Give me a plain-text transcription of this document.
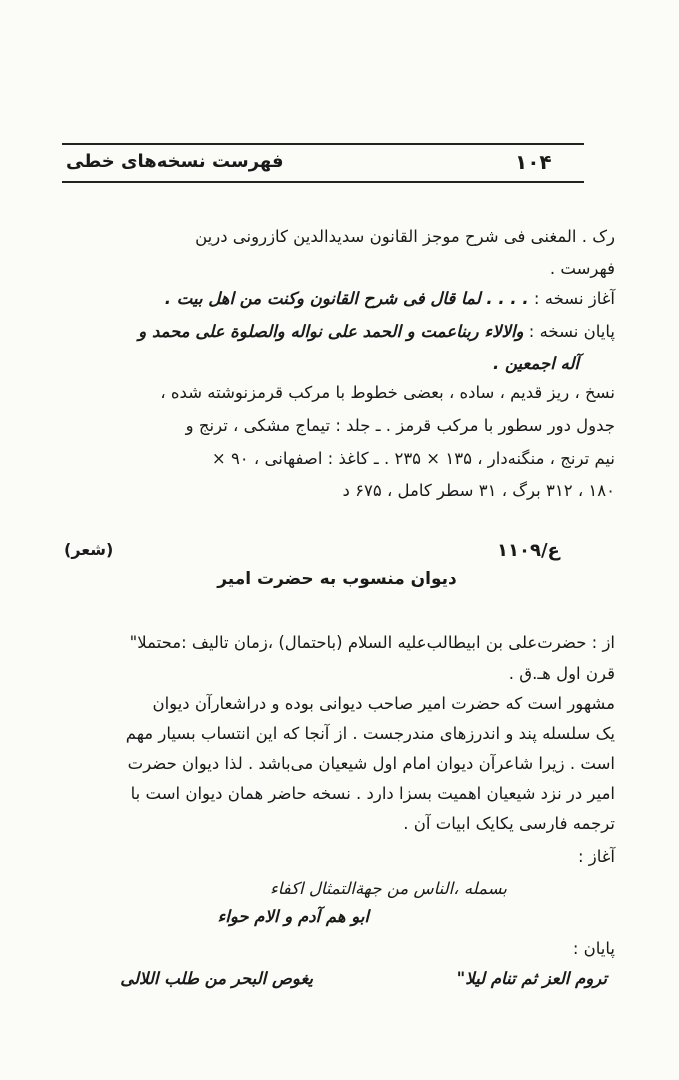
فهرست نسخه‌های خطی	۱۰۴
رک . المغنی فی شرح موجز القانون سدیدالدین کازرونی درین
فهرست .
آغاز نسخه : . . . . لما قال فی شرح القانون وکنت من اهل بیت .
پایان نسخه : والالاء ربناعمت و الحمد علی نواله والصلوة علی محمد و
آله اجمعین .
نسخ ، ریز قدیم ، ساده ، بعضی خطوط با مرکب قرمزنوشته شده ،
جدول دور سطور با مرکب قرمز . ـ جلد : تیماج مشکی ، ترنج و
نیم ترنج ، منگنه‌دار ، ۱۳۵ × ۲۳۵ . ـ کاغذ : اصفهانی ، ۹۰ ×
۱۸۰ ، ۳۱۲ برگ ، ۳۱ سطر کامل ، ۶۷۵ د
۱۱۰۹/ع
(شعر)
دیوان منسوب به حضرت امیر
از : حضرت‌علی بن ابیطالب‌علیه السلام (باحتمال) ،زمان تالیف :محتملا"
قرن اول هـ.ق .
مشهور است که حضرت امیر صاحب دیوانی بوده و دراشعارآن دیوان
یک سلسله پند و اندرزهای مندرجست . از آنجا که این انتساب بسیار مهم
است . زیرا شاعرآن دیوان امام اول شیعیان می‌باشد . لذا دیوان حضرت
امیر در نزد شیعیان اهمیت بسزا دارد . نسخه حاضر همان دیوان است با
ترجمه فارسی یکایک ابیات آن .
آغاز :
بسمله ،الناس من جهة‌التمثال اکفاء
ابو هم آدم و الام حواء
پایان :
تروم العز ثم تنام لیلا"
یغوص البحر من طلب اللالی
